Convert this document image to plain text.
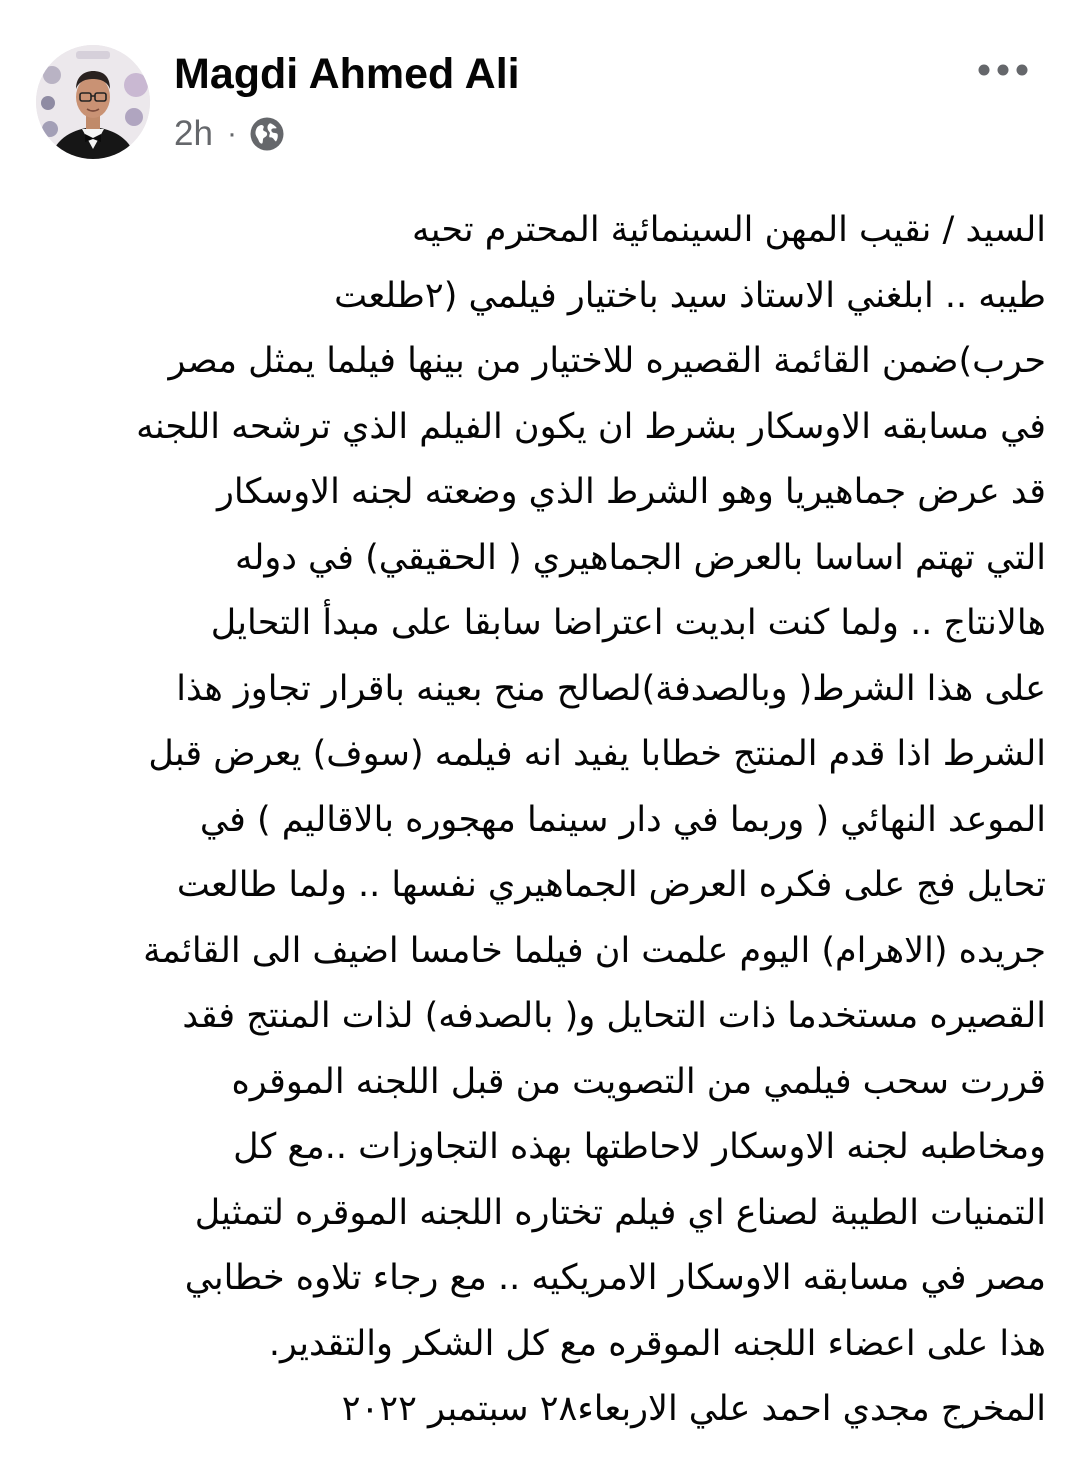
Magdi Ahmed Ali
2h ·
السيد / نقيب المهن السينمائية المحترم تحيه
طيبه .. ابلغني الاستاذ سيد باختيار فيلمي (٢طلعت
حرب)ضمن القائمة القصيره للاختيار من بينها فيلما يمثل مصر
في مسابقه الاوسكار بشرط ان يكون الفيلم الذي ترشحه اللجنه
قد عرض جماهيريا وهو الشرط الذي وضعته لجنه الاوسكار
التي تهتم اساسا بالعرض الجماهيري ( الحقيقي) في دوله
هالانتاج .. ولما كنت ابديت اعتراضا سابقا على مبدأ التحايل
على هذا الشرط( وبالصدفة)لصالح منح بعينه باقرار تجاوز هذا
الشرط اذا قدم المنتج خطابا يفيد انه فيلمه (سوف) يعرض قبل
الموعد النهائي ( وربما في دار سينما مهجوره بالاقاليم ) في
تحايل فج على فكره العرض الجماهيري نفسها .. ولما طالعت
جريده (الاهرام) اليوم علمت ان فيلما خامسا اضيف الى القائمة
القصيره مستخدما ذات التحايل و( بالصدفه) لذات المنتج فقد
قررت سحب فيلمي من التصويت من قبل اللجنه الموقره
ومخاطبه لجنه الاوسكار لاحاطتها بهذه التجاوزات ..مع كل
التمنيات الطيبة لصناع اي فيلم تختاره اللجنه الموقره لتمثيل
مصر في مسابقه الاوسكار الامريكيه .. مع رجاء تلاوه خطابي
هذا على اعضاء اللجنه الموقره مع كل الشكر والتقدير.
المخرج مجدي احمد علي الاربعاء٢٨ سبتمبر ٢٠٢٢
